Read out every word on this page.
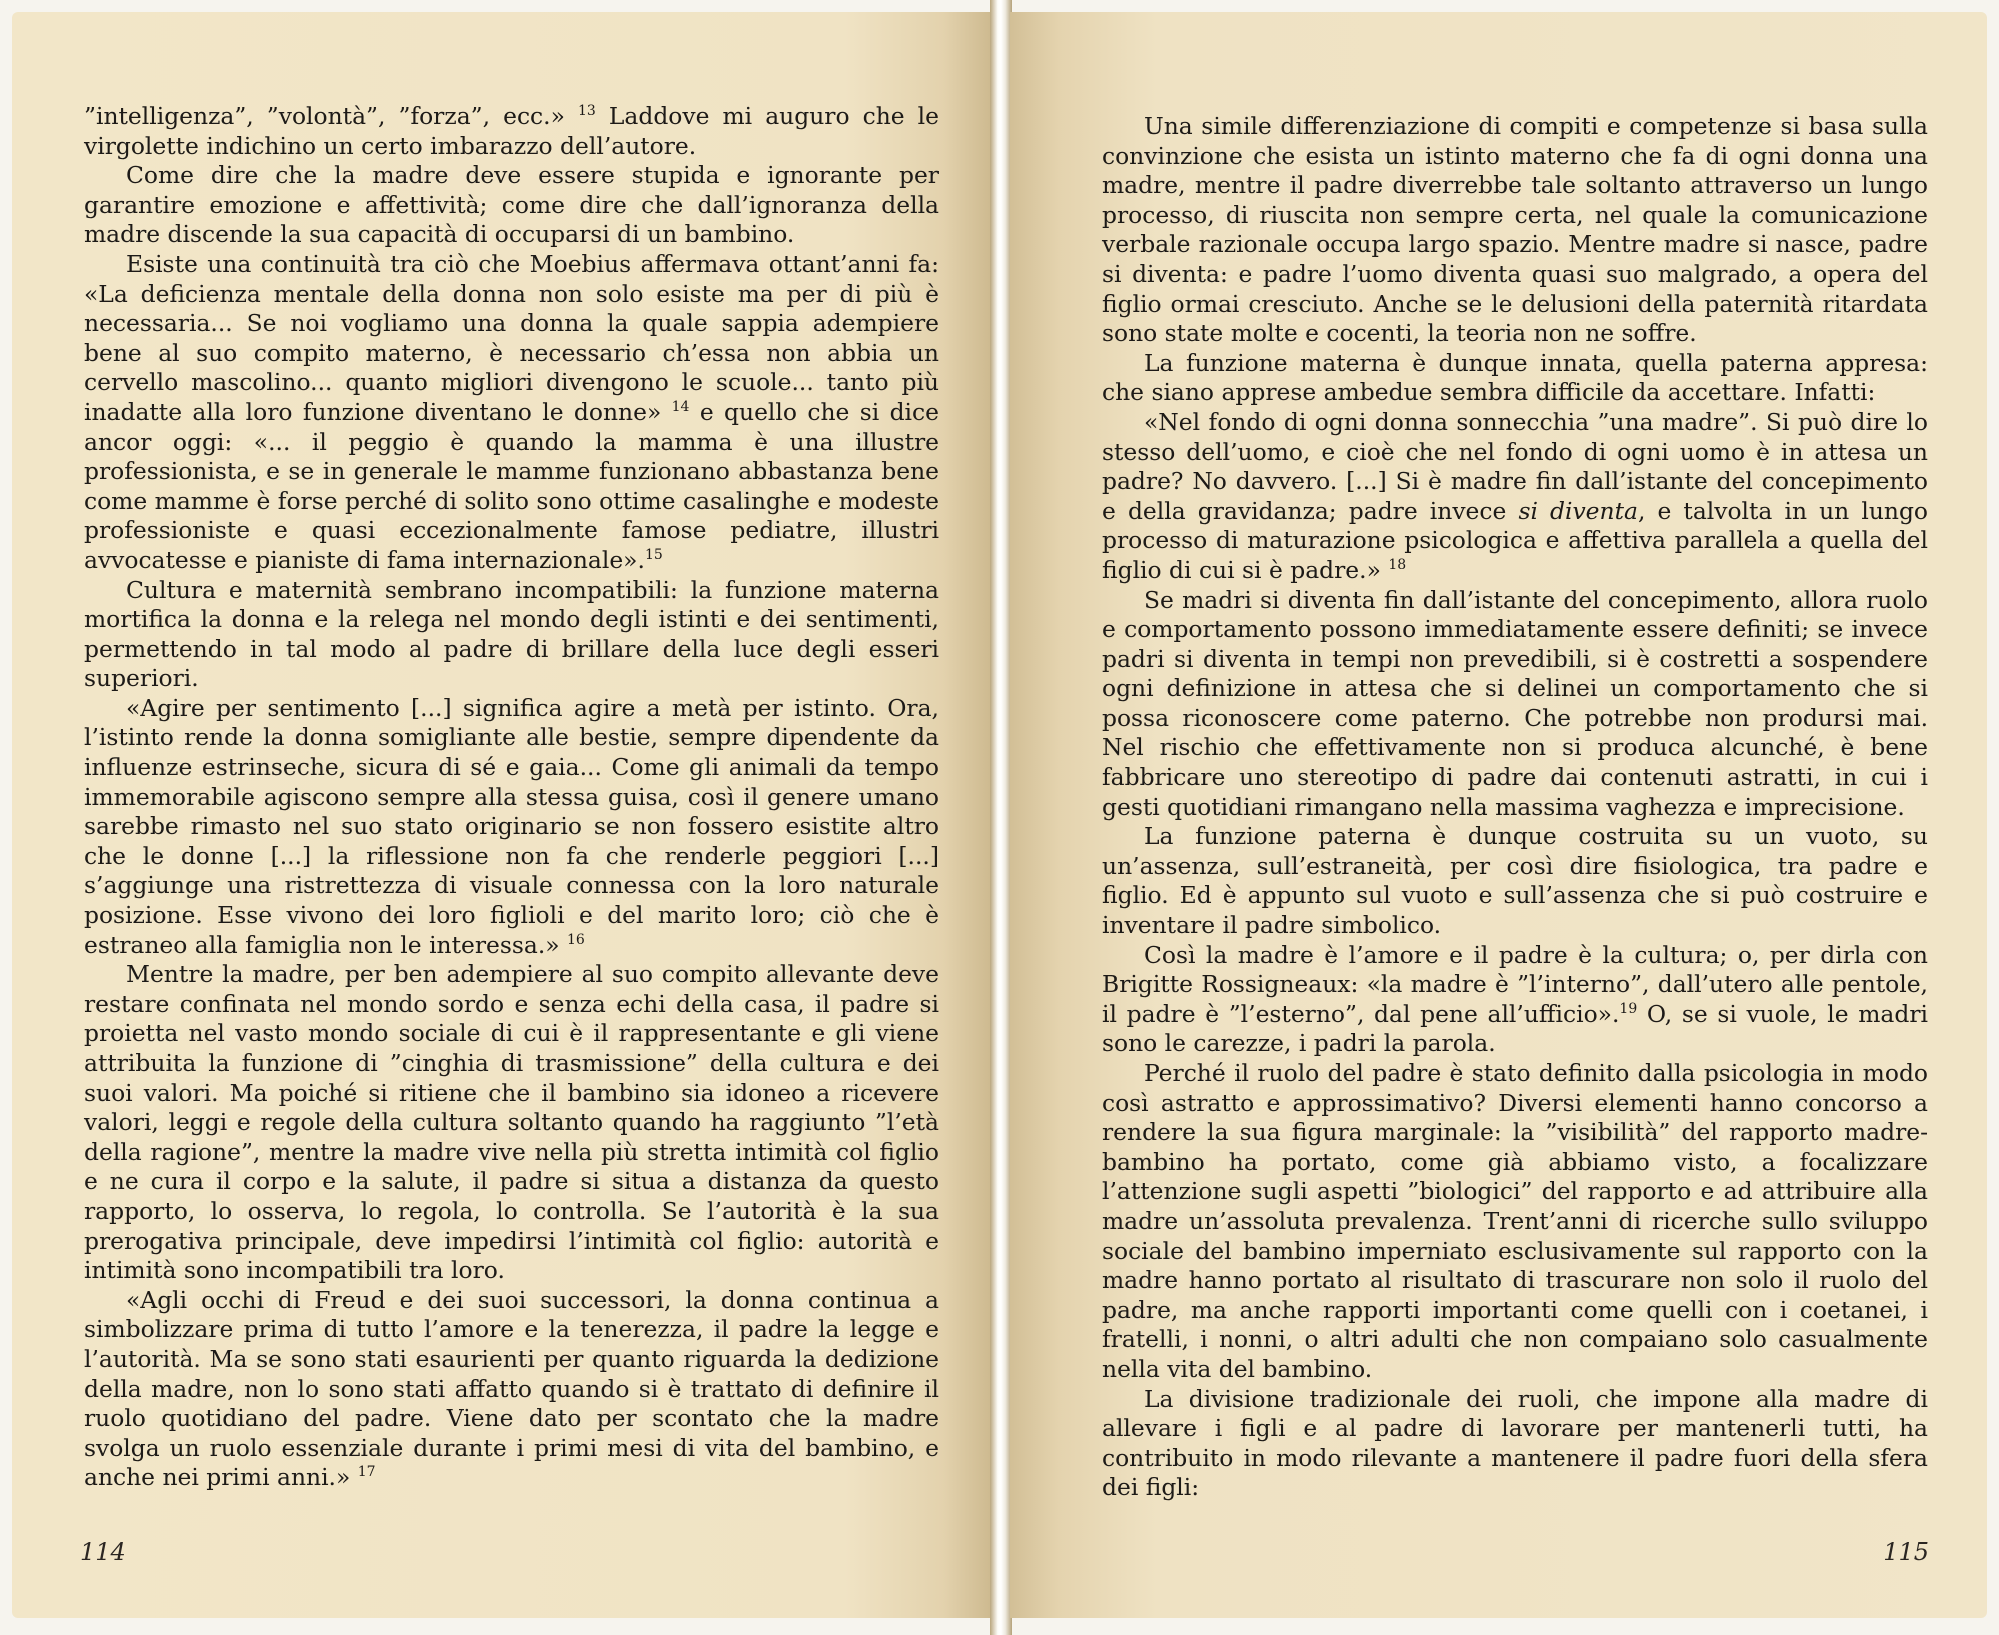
”intelligenza”, ”volontà”, ”forza”, ecc.» $^{13}$ Laddove mi auguro che le virgolette indichino un certo imbarazzo dell’autore.

Come dire che la madre deve essere stupida e ignorante per garantire emozione e affettività; come dire che dall’ignoranza della madre discende la sua capacità di occuparsi di un bambino.

Esiste una continuità tra ciò che Moebius affermava ottant’anni fa: «La deficienza mentale della donna non solo esiste ma per di più è necessaria... Se noi vogliamo una donna la quale sappia adempiere bene al suo compito materno, è necessario ch’essa non abbia un cervello mascolino... quanto migliori divengono le scuole... tanto più inadatte alla loro funzione diventano le donne» $^{14}$ e quello che si dice ancor oggi: «... il peggio è quando la mamma è una illustre professionista, e se in generale le mamme funzionano abbastanza bene come mamme è forse perché di solito sono ottime casalinghe e modeste professioniste e quasi eccezionalmente famose pediatre, illustri avvocatesse e pianiste di fama internazionale».$^{15}$

Cultura e maternità sembrano incompatibili: la funzione materna mortifica la donna e la relega nel mondo degli istinti e dei sentimenti, permettendo in tal modo al padre di brillare della luce degli esseri superiori.

«Agire per sentimento [...] significa agire a metà per istinto. Ora, l’istinto rende la donna somigliante alle bestie, sempre dipendente da influenze estrinseche, sicura di sé e gaia... Come gli animali da tempo immemorabile agiscono sempre alla stessa guisa, così il genere umano sarebbe rimasto nel suo stato originario se non fossero esistite altro che le donne [...] la riflessione non fa che renderle peggiori [...] s’aggiunge una ristrettezza di visuale connessa con la loro naturale posizione. Esse vivono dei loro figlioli e del marito loro; ciò che è estraneo alla famiglia non le interessa.» $^{16}$

Mentre la madre, per ben adempiere al suo compito allevante deve restare confinata nel mondo sordo e senza echi della casa, il padre si proietta nel vasto mondo sociale di cui è il rappresentante e gli viene attribuita la funzione di ”cinghia di trasmissione” della cultura e dei suoi valori. Ma poiché si ritiene che il bambino sia idoneo a ricevere valori, leggi e regole della cultura soltanto quando ha raggiunto ”l’età della ragione”, mentre la madre vive nella più stretta intimità col figlio e ne cura il corpo e la salute, il padre si situa a distanza da questo rapporto, lo osserva, lo regola, lo controlla. Se l’autorità è la sua prerogativa principale, deve impedirsi l’intimità col figlio: autorità e intimità sono incompatibili tra loro.

«Agli occhi di Freud e dei suoi successori, la donna continua a simbolizzare prima di tutto l’amore e la tenerezza, il padre la legge e l’autorità. Ma se sono stati esaurienti per quanto riguarda la dedizione della madre, non lo sono stati affatto quando si è trattato di definire il ruolo quotidiano del padre. Viene dato per scontato che la madre svolga un ruolo essenziale durante i primi mesi di vita del bambino, e anche nei primi anni.» $^{17}$

114

Una simile differenziazione di compiti e competenze si basa sulla convinzione che esista un istinto materno che fa di ogni donna una madre, mentre il padre diverrebbe tale soltanto attraverso un lungo processo, di riuscita non sempre certa, nel quale la comunicazione verbale razionale occupa largo spazio. Mentre madre si nasce, padre si diventa: e padre l’uomo diventa quasi suo malgrado, a opera del figlio ormai cresciuto. Anche se le delusioni della paternità ritardata sono state molte e cocenti, la teoria non ne soffre.

La funzione materna è dunque innata, quella paterna appresa: che siano apprese ambedue sembra difficile da accettare. Infatti:

«Nel fondo di ogni donna sonnecchia ”una madre”. Si può dire lo stesso dell’uomo, e cioè che nel fondo di ogni uomo è in attesa un padre? No davvero. [...] Si è madre fin dall’istante del concepimento e della gravidanza; padre invece si diventa, e talvolta in un lungo processo di maturazione psicologica e affettiva parallela a quella del figlio di cui si è padre.» $^{18}$

Se madri si diventa fin dall’istante del concepimento, allora ruolo e comportamento possono immediatamente essere definiti; se invece padri si diventa in tempi non prevedibili, si è costretti a sospendere ogni definizione in attesa che si delinei un comportamento che si possa riconoscere come paterno. Che potrebbe non prodursi mai. Nel rischio che effettivamente non si produca alcunché, è bene fabbricare uno stereotipo di padre dai contenuti astratti, in cui i gesti quotidiani rimangano nella massima vaghezza e imprecisione.

La funzione paterna è dunque costruita su un vuoto, su un’assenza, sull’estraneità, per così dire fisiologica, tra padre e figlio. Ed è appunto sul vuoto e sull’assenza che si può costruire e inventare il padre simbolico.

Così la madre è l’amore e il padre è la cultura; o, per dirla con Brigitte Rossigneaux: «la madre è ”l’interno”, dall’utero alle pentole, il padre è ”l’esterno”, dal pene all’ufficio».$^{19}$ O, se si vuole, le madri sono le carezze, i padri la parola.

Perché il ruolo del padre è stato definito dalla psicologia in modo così astratto e approssimativo? Diversi elementi hanno concorso a rendere la sua figura marginale: la ”visibilità” del rapporto madre-bambino ha portato, come già abbiamo visto, a focalizzare l’attenzione sugli aspetti ”biologici” del rapporto e ad attribuire alla madre un’assoluta prevalenza. Trent’anni di ricerche sullo sviluppo sociale del bambino imperniato esclusivamente sul rapporto con la madre hanno portato al risultato di trascurare non solo il ruolo del padre, ma anche rapporti importanti come quelli con i coetanei, i fratelli, i nonni, o altri adulti che non compaiano solo casualmente nella vita del bambino.

La divisione tradizionale dei ruoli, che impone alla madre di allevare i figli e al padre di lavorare per mantenerli tutti, ha contribuito in modo rilevante a mantenere il padre fuori della sfera dei figli:

115
